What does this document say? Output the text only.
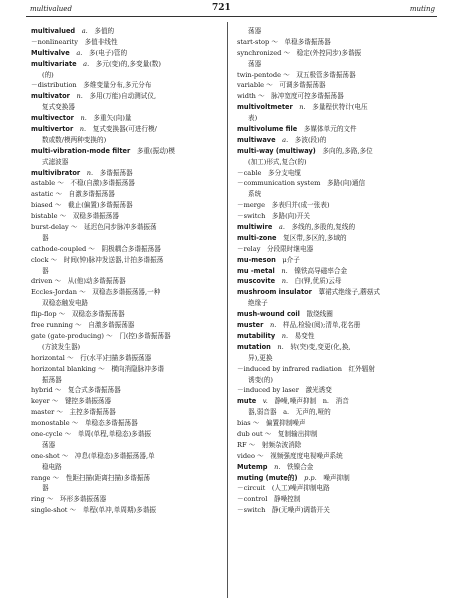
multivalued	721	muting
multivalued  a.  多值的
－nonlinearity　多值非线性
Multivalve  a.  多(电子)管的
multivariate  a.  多元(变)的,多变量(数)
(的)
－distribution　多维变量分布,多元分布
multivator  n.  多用(万能)自动测试仪,
复式变换器
multivector  n.  多重矢(向)量
multivertor  n.  复式变换器(可进行模/
数或数/模两种变换的)
multi-vibration-mode filter  多重(振动)模
式滤波器
multivibrator  n.  多谐振荡器
astable ～　不稳(自激)多谐振荡器
astatic ～　自激多谐振荡器
biased ～　截止(偏置)多谐振荡器
bistable ～　双稳多谐振荡器
burst-delay ～　延迟色同步脉冲多谐振荡
器
cathode-coupled ～　阴极耦合多谐振荡器
clock ～　时间(钟)脉冲发送器,计拍多谐振荡
器
driven ～　从(他)动多谐振荡器
Eccles-Jordan ～　双稳态多谐振荡器,一种
双稳态触发电路
flip-flop ～　双稳态多谐振荡器
free running ～　自激多谐振荡器
gate (gate-producing) ～　门(控)多谐振荡器
(方波发生器)
horizontal ～　行(水平)扫描多谐振荡器
horizontal blanking ～　横向消隐脉冲多谐
振荡器
hybrid ～　复合式多谐振荡器
keyer ～　键控多谐振荡器
master ～　主控多谐振荡器
monostable ～　单稳态多谐振荡器
one-cycle ～　单周(单程,单稳态)多谐振
荡器
one-shot ～　冲息(单稳态)多谐振荡器,单
稳电路
range ～　性距扫描(距离扫描)多谐振荡
器
ring ～　环形多谐振荡器
single-shot ～　单程(单冲,单周期)多谐振
荡器
start-stop ～　单稳多谐振荡器
synchronized ～　稳定(外控同步)多谐振
荡器
twin-pentode ～　双五极管多谐振荡器
variable ～　可调多谐振荡器
width ～　脉冲宽度可控多谐振荡器
multivoltmeter  n.  多量程伏特计(电压
表)
multivolume file  多媒体单元的文件
multiwave  a.  多波(段)的
multi-way (multiway)  多向的,多路,多位
(加工)形式,复合(的)
－cable　多分支电缆
－communication system　多路(向)通信
系统
－merge　多表归并(成一张表)
－switch　多路(向)开关
multiwire  a.  多线的,多股的,复线的
multi-zone  复区带,多区的,多域的
－relay　分段限时继电器
mu-meson  μ介子
mu -metal  n.  镍铁高导磁率合金
muscovite  n.  白(钾,优质)云母
mushroom insulator  蕈裙式绝缘子,蘑菇式
绝缘子
mush-wound coil  散绕线圈
muster  n.  样品,检验(阅);清单,花名册
mutability  n.  易变性
mutation  n.  转(突)变,变更(化,换,
异),更换
－induced by infrared radiation　红外辐射
诱变(的)
－induced by laser　激光诱变
mute  v.  静噪,噪声抑制　n.　消音
器,弱音器　a.　无声的,哑的
bias ～　偏置抑制噪声
dub out ～　复制输出抑制
RF ～　射频杂波消除
video ～　视频强度度电视噪声系统
Mutemp  n.  铁镍合金
muting (mute的)  p.p.  噪声抑制
－circuit　(人工)噪声抑制电路
－control　静噪控制
－switch　静(无噪声)调谐开关
